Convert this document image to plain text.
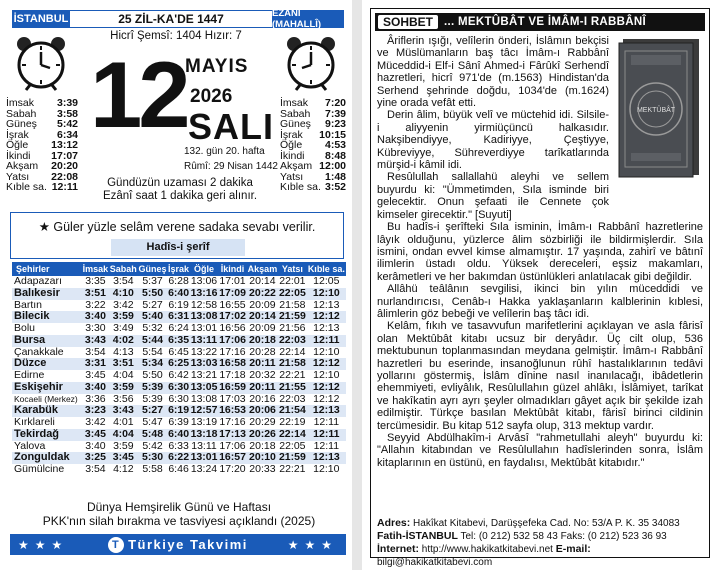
İSTANBUL	25 ZİL-KA'DE 1447	EZÂNÎ (MAHALLÎ)
Hicrî Şemsî: 1404 Hızır: 7
12
MAYIS
2026
SALI
132. gün 20. hafta
Rûmî: 29 Nisan 1442
İmsak 3:39
Sabah 3:58
Güneş 5:42
İşrak	6:34
Öğle 13:12
İkindi 17:07
Akşam 20:20
Yatsı 22:08
Kıble sa. 12:11
İmsak 7:20
Sabah 7:39
Güneş 9:23
İşrak 10:15
Öğle 4:53
İkindi 8:48
Akşam 12:00
Yatsı 1:48
Kıble sa. 3:52
Gündüzün uzaması 2 dakika
Ezânî saat 1 dakika geri alınır.
★ Güler yüzle selâm verene sadaka sevabı verilir.
Hadîs-i şerîf
Şehirler	İmsak	Sabah	Güneş	İşrak	Öğle	İkindi	Akşam	Yatsı	Kıble sa.
Adapazarı	3:35	3:54	5:37	6:28	13:06	17:01	20:14	22:01	12:05
Balıkesir	3:51	4:10	5:50	6:40	13:16	17:09	20:22	22:05	12:10
Bartın	3:22	3:42	5:27	6:19	12:58	16:55	20:09	21:58	12:13
Bilecik	3:40	3:59	5:40	6:31	13:08	17:02	20:14	21:59	12:12
Bolu	3:30	3:49	5:32	6:24	13:01	16:56	20:09	21:56	12:13
Bursa	3:43	4:02	5:44	6:35	13:11	17:06	20:18	22:03	12:11
Çanakkale	3:54	4:13	5:54	6:45	13:22	17:16	20:28	22:14	12:10
Düzce	3:31	3:51	5:34	6:25	13:03	16:58	20:11	21:58	12:12
Edirne	3:45	4:04	5:50	6:42	13:21	17:18	20:32	22:21	12:10
Eskişehir	3:40	3:59	5:39	6:30	13:05	16:59	20:11	21:55	12:12
Kocaeli (Merkez)	3:36	3:56	5:39	6:30	13:08	17:03	20:16	22:03	12:12
Karabük	3:23	3:43	5:27	6:19	12:57	16:53	20:06	21:54	12:13
Kırklareli	3:42	4:01	5:47	6:39	13:19	17:16	20:29	22:19	12:11
Tekirdağ	3:45	4:04	5:48	6:40	13:18	17:13	20:26	22:14	12:11
Yalova	3:40	3:59	5:42	6:33	13:11	17:06	20:18	22:05	12:11
Zonguldak	3:25	3:45	5:30	6:22	13:01	16:57	20:10	21:59	12:13
Gümülcine	3:54	4:12	5:58	6:46	13:24	17:20	20:33	22:21	12:10
Dünya Hemşirelik Günü ve Haftası
PKK'nın silah bırakma ve tasviyesi açıklandı (2025)
★★★	T Türkiye Takvimi	★★★
SOHBET ... MEKTÛBÂT VE İMÂM-I RABBÂNÎ
MEKTÛBÂT

Âriflerin ışığı, velîlerin önderi, İslâmın bekçisi ve Müslümanların baş tâcı İmâm-ı Rabbânî Müceddid-i Elf-i Sânî Ahmed-i Fârûkî Serhendî hazretleri, hicrî 971'de (m.1563) Hindistan'da Serhend şehrinde doğdu, 1034'de (m.1624) yine orada vefât etti.

Derin âlim, büyük velî ve müctehid idi. Silsile-i aliyyenin yirmiüçüncü halkasıdır. Nakşibendiyye, Kadiriyye, Çeştiyye, Kübreviyye, Sühreverdiyye tarîkatlarında mürşid-i kâmil idi.

Resûlullah sallallahü aleyhi ve sellem buyurdu ki: "Ümmetimden, Sıla isminde biri gelecektir. Onun şefaati ile Cennete çok kimseler girecektir." [Suyuti]

Bu hadîs-i şerîfteki Sıla isminin, İmâm-ı Rabbânî hazretlerine lâyık olduğunu, yüzlerce âlim sözbirliği ile bildirmişlerdir. Sıla ismini, ondan evvel kimse almamıştır. 17 yaşında, zahirî ve bâtınî ilimlerin üstadı oldu. Yüksek dereceleri, eşsiz makamları, kerâmetleri ve her bakımdan üstünlükleri anlatılacak gibi değildir.

Allâhü teâlânın sevgilisi, ikinci bin yılın müceddidi ve nurlandırıcısı, Cenâb-ı Hakka yaklaşanların kalblerinin kıblesi, âlimlerin göz bebeği ve velîlerin baş tâcı idi.

Kelâm, fıkıh ve tasavvufun marifetlerini açıklayan ve asla fârisî olan Mektûbât kitabı ucsuz bir deryâdır. Üç cilt olup, 536 mektubunun toplanmasından meydana gelmiştir. İmâm-ı Rabbânî hazretleri bu eserinde, insanoğlunun rûhî hastalıklarının tedâvi yollarını göstermiş, İslâm dînine nasıl inanılacağı, ibâdetlerin ehemmiyeti, evliyâlık, Resûlullahın güzel ahlâkı, İslâmiyet, tarîkat ve hakîkatin ayrı ayrı şeyler olmadıkları gâyet açık bir şekilde izah edilmiştir. Türkçe basılan Mektûbât kitabı, fârisî birinci cildinin tercümesidir. Bu kitap 512 sayfa olup, 313 mektup vardır.

Seyyid Abdülhakîm-i Arvâsî "rahmetullahi aleyh" buyurdu ki: "Allahın kitabından ve Resûlullahın hadîslerinden sonra, İslâm kitaplarının en üstünü, en faydalısı, Mektûbât kitabıdır."

Adres: Hakîkat Kitabevi, Darüşşefeka Cad. No: 53/A P. K. 35 34083
Fatih-İSTANBUL Tel: (0 212) 532 58 43 Faks: (0 212) 523 36 93
İnternet: http://www.hakikatkitabevi.net E-mail: bilgi@hakikatkitabevi.com
